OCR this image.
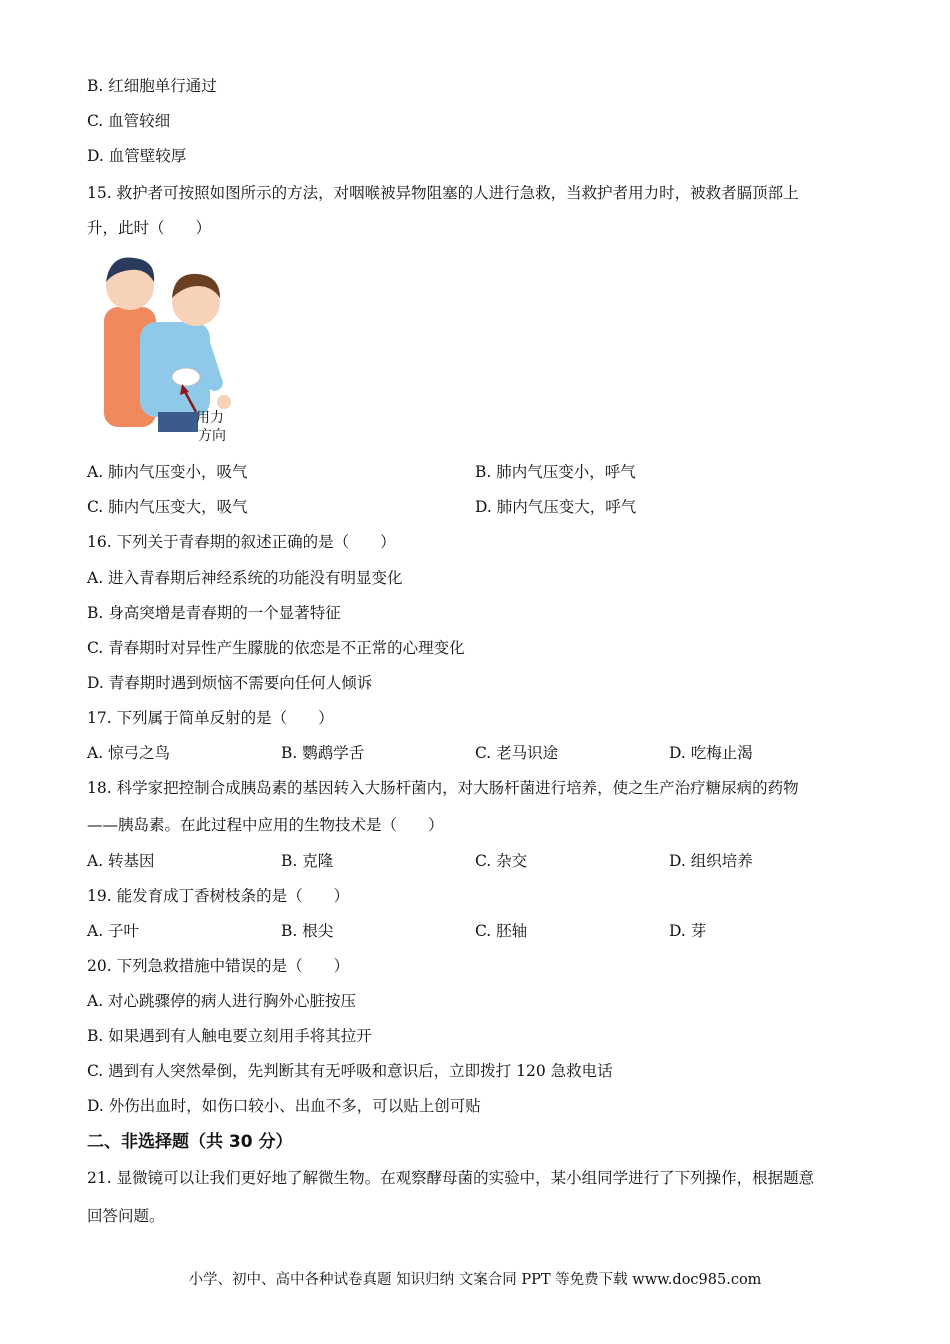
B. 红细胞单行通过
C. 血管较细
D. 血管壁较厚
15. 救护者可按照如图所示的方法，对咽喉被异物阻塞的人进行急救，当救护者用力时，被救者膈顶部上
升，此时（　　）
用力
方向
A. 肺内气压变小，吸气	B. 肺内气压变小，呼气
C. 肺内气压变大，吸气	D. 肺内气压变大，呼气
16. 下列关于青春期的叙述正确的是（　　）
A. 进入青春期后神经系统的功能没有明显变化
B. 身高突增是青春期的一个显著特征
C. 青春期时对异性产生朦胧的依恋是不正常的心理变化
D. 青春期时遇到烦恼不需要向任何人倾诉
17. 下列属于简单反射的是（　　）
A. 惊弓之鸟	B. 鹦鹉学舌	C. 老马识途	D. 吃梅止渴
18. 科学家把控制合成胰岛素的基因转入大肠杆菌内，对大肠杆菌进行培养，使之生产治疗糖尿病的药物
——胰岛素。在此过程中应用的生物技术是（　　）
A. 转基因	B. 克隆	C. 杂交	D. 组织培养
19. 能发育成丁香树枝条的是（　　）
A. 子叶	B. 根尖	C. 胚轴	D. 芽
20. 下列急救措施中错误的是（　　）
A. 对心跳骤停的病人进行胸外心脏按压
B. 如果遇到有人触电要立刻用手将其拉开
C. 遇到有人突然晕倒，先判断其有无呼吸和意识后，立即拨打 120 急救电话
D. 外伤出血时，如伤口较小、出血不多，可以贴上创可贴
二、非选择题（共 30 分）
21. 显微镜可以让我们更好地了解微生物。在观察酵母菌的实验中，某小组同学进行了下列操作，根据题意
回答问题。
小学、初中、高中各种试卷真题 知识归纳 文案合同 PPT 等免费下载 www.doc985.com
